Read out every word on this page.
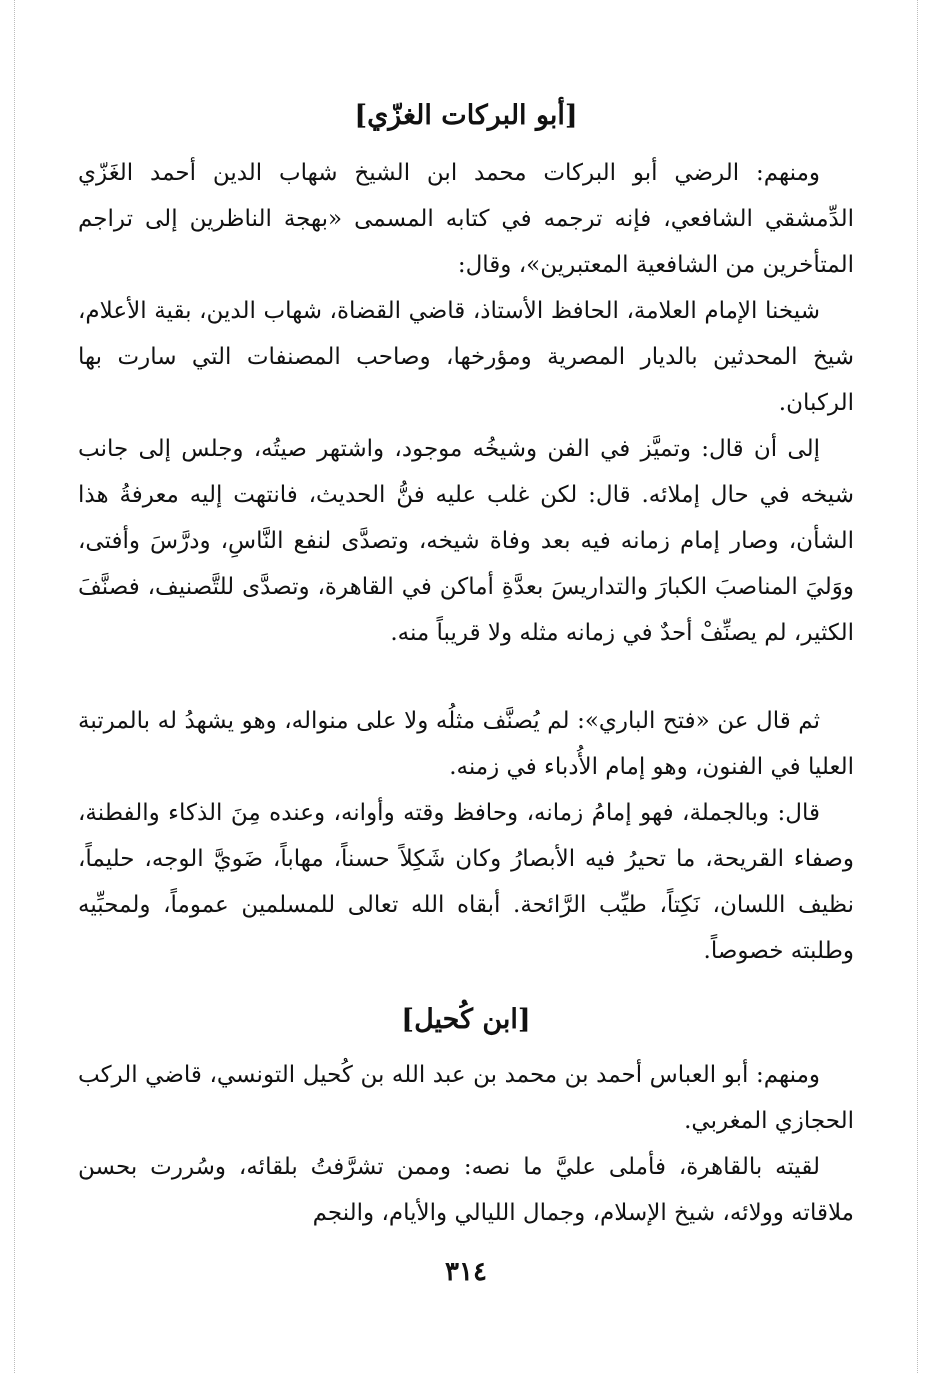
[أبو البركات الغزّي]

ومنهم: الرضي أبو البركات محمد ابن الشيخ شهاب الدين أحمد الغَزّي الدِّمشقي الشافعي، فإنه ترجمه في كتابه المسمى «بهجة الناظرين إلى تراجم المتأخرين من الشافعية المعتبرين»، وقال:

شيخنا الإمام العلامة، الحافظ الأستاذ، قاضي القضاة، شهاب الدين، بقية الأعلام، شيخ المحدثين بالديار المصرية ومؤرخها، وصاحب المصنفات التي سارت بها الركبان.

إلى أن قال: وتميَّز في الفن وشيخُه موجود، واشتهر صيتُه، وجلس إلى جانب شيخه في حال إملائه. قال: لكن غلب عليه فنُّ الحديث، فانتهت إليه معرفةُ هذا الشأن، وصار إمام زمانه فيه بعد وفاة شيخه، وتصدَّى لنفع النَّاسِ، ودرَّسَ وأفتى، ووَليَ المناصبَ الكبارَ والتداريسَ بعدَّةِ أماكن في القاهرة، وتصدَّى للتَّصنيف، فصنَّفَ الكثير، لم يصنِّفْ أحدٌ في زمانه مثله ولا قريباً منه.

ثم قال عن «فتح الباري»: لم يُصنَّف مثلُه ولا على منواله، وهو يشهدُ له بالمرتبة العليا في الفنون، وهو إمام الأُدباء في زمنه.

قال: وبالجملة، فهو إمامُ زمانه، وحافظ وقته وأوانه، وعنده مِنَ الذكاء والفطنة، وصفاء القريحة، ما تحيرُ فيه الأبصارُ وكان شَكِلاً حسناً، مهاباً، ضَويَّ الوجه، حليماً، نظيف اللسان، نَكِتاً، طيِّب الرَّائحة. أبقاه الله تعالى للمسلمين عموماً، ولمحبِّيه وطلبته خصوصاً.

[ابن كُحيل]

ومنهم: أبو العباس أحمد بن محمد بن عبد الله بن كُحيل التونسي، قاضي الركب الحجازي المغربي.

لقيته بالقاهرة، فأملى عليَّ ما نصه: وممن تشرَّفتُ بلقائه، وسُررت بحسن ملاقاته وولائه، شيخ الإسلام، وجمال الليالي والأيام، والنجم

٣١٤
